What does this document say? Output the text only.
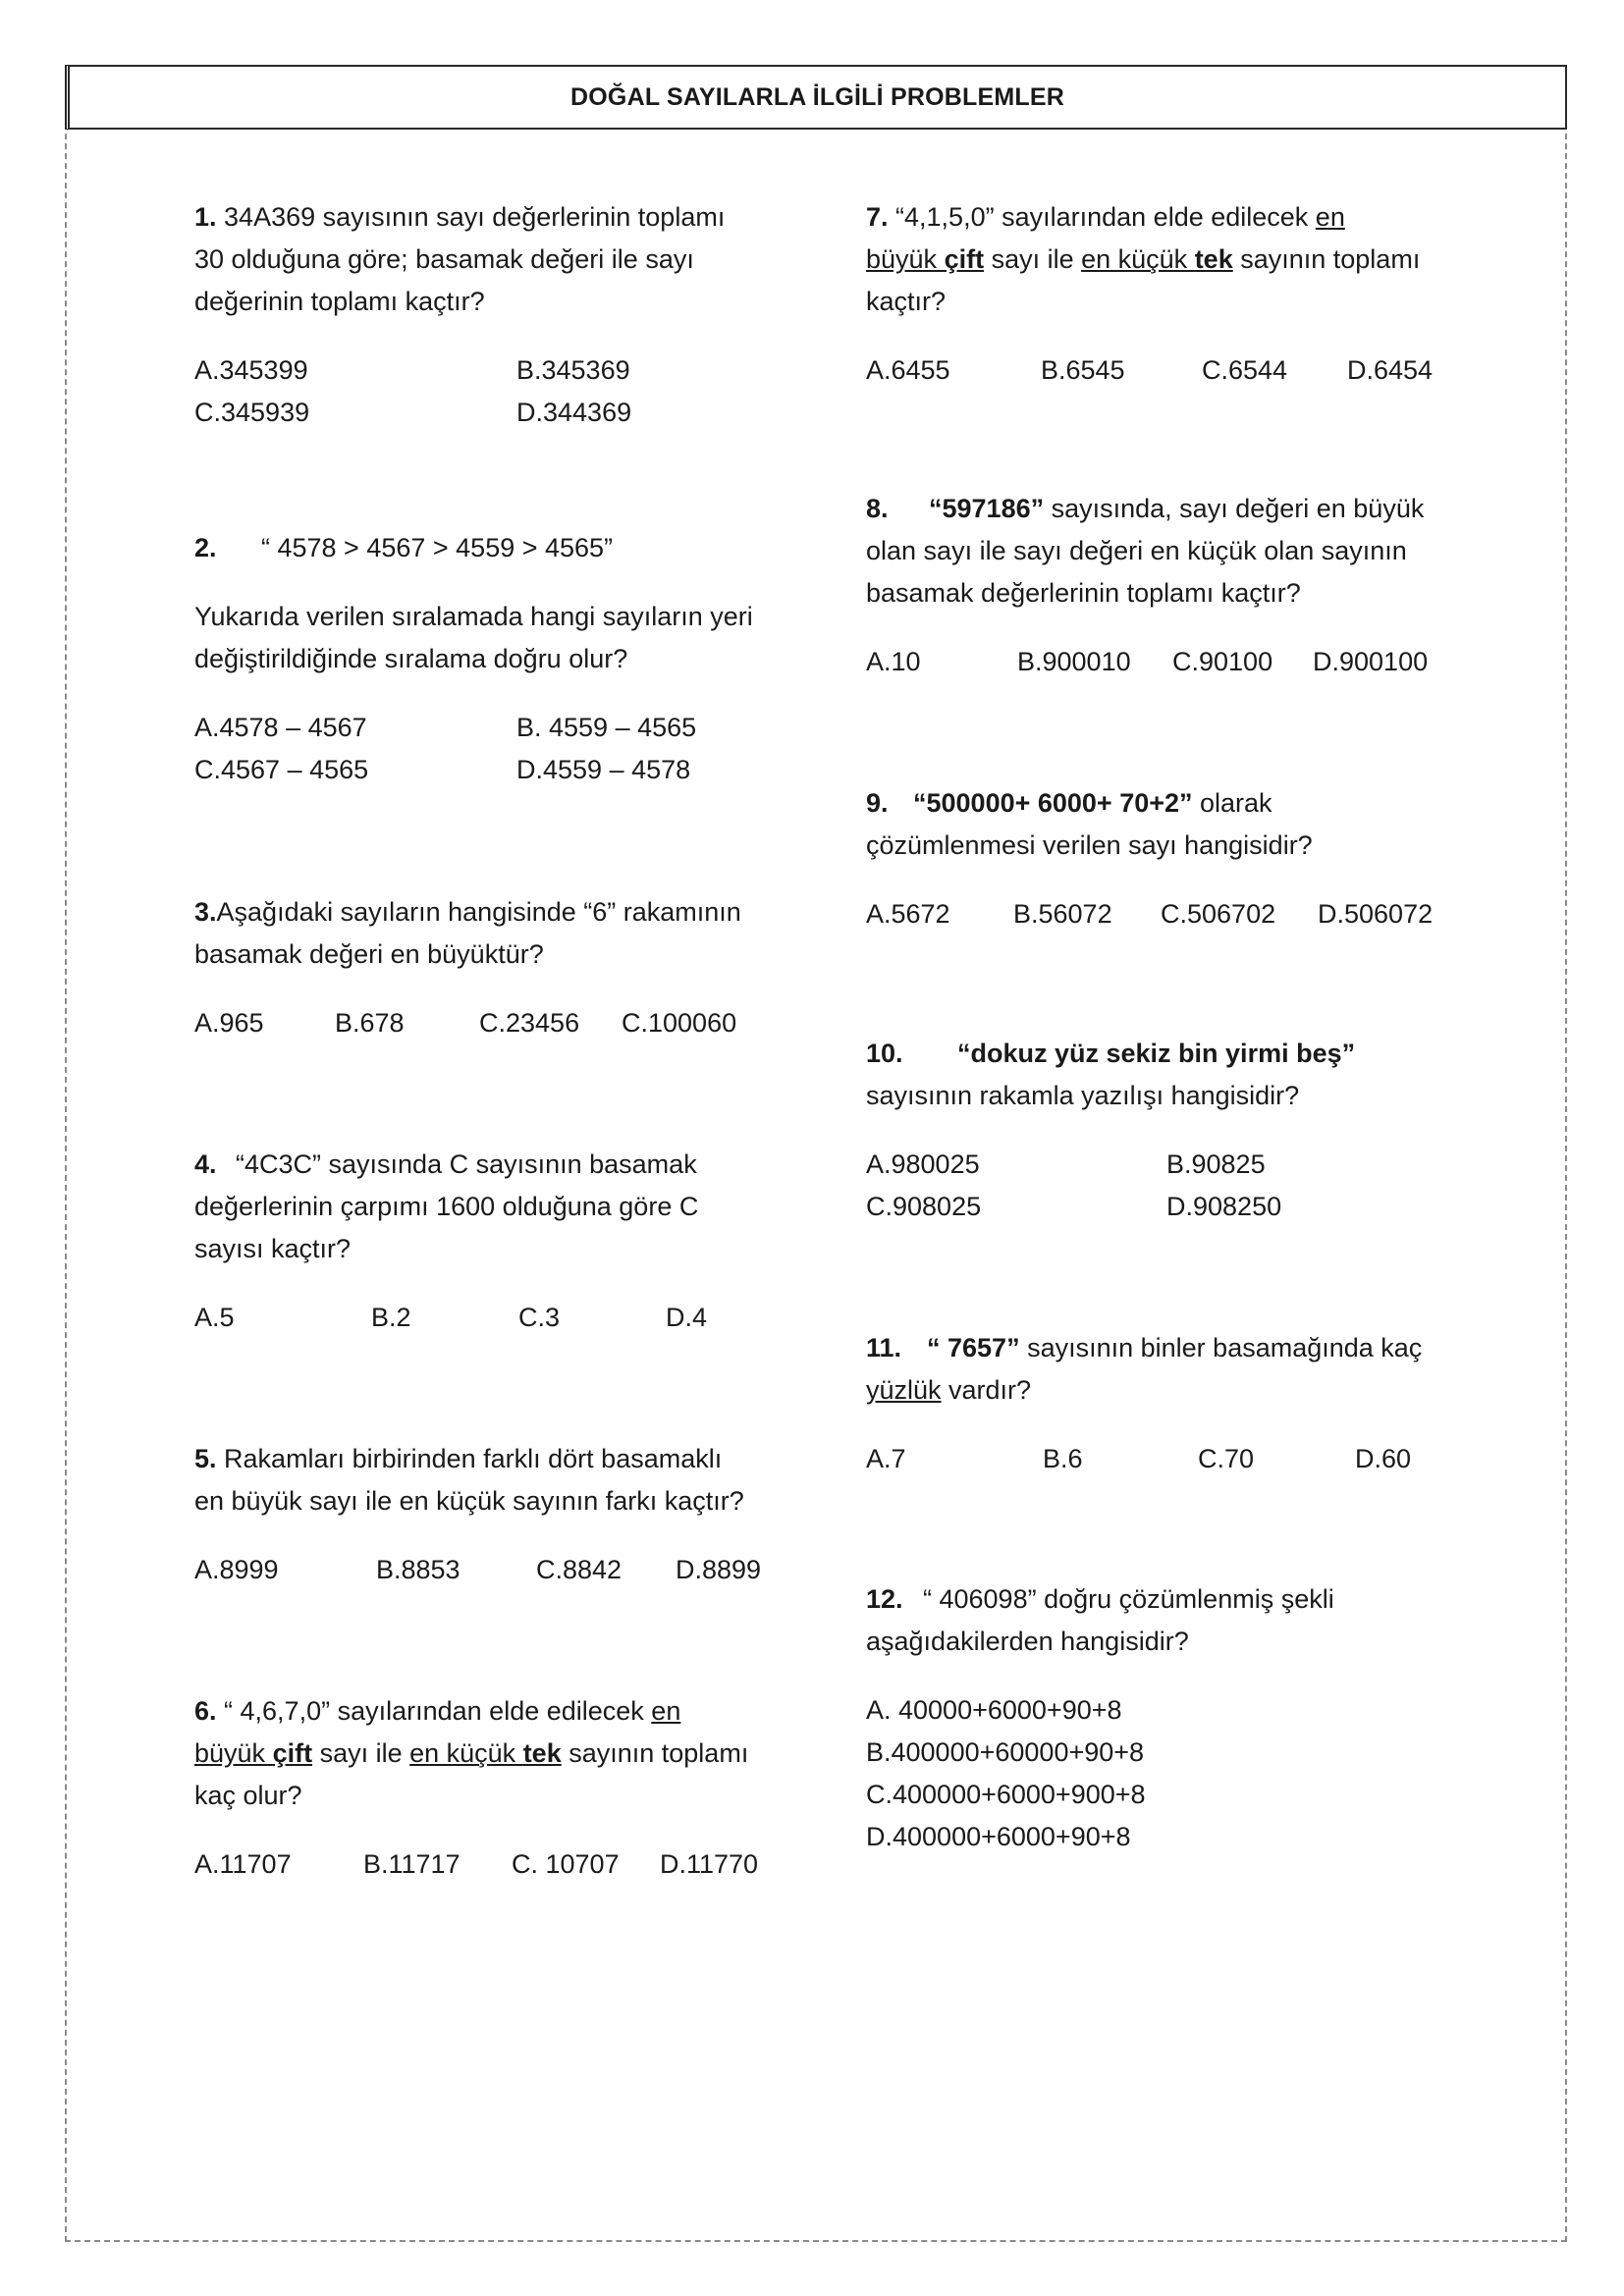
DOĞAL SAYILARLA İLGİLİ PROBLEMLER

1. 34A369 sayısının sayı değerlerinin toplamı

30 olduğuna göre; basamak değeri ile sayı

değerinin toplamı kaçtır?

A.345399	B.345369
C.345939	D.344369

2. “ 4578 > 4567 > 4559 > 4565”

Yukarıda verilen sıralamada hangi sayıların yeri

değiştirildiğinde sıralama doğru olur?

A.4578 – 4567	B. 4559 – 4565
C.4567 – 4565	D.4559 – 4578

3.Aşağıdaki sayıların hangisinde “6” rakamının

basamak değeri en büyüktür?

A.965	B.678	C.23456 C.100060

4. “4C3C” sayısında C sayısının basamak

değerlerinin çarpımı 1600 olduğuna göre C

sayısı kaçtır?

A.5	B.2	C.3	D.4

5. Rakamları birbirinden farklı dört basamaklı

en büyük sayı ile en küçük sayının farkı kaçtır?

A.8999	B.8853	C.8842 D.8899

6. “ 4,6,7,0” sayılarından elde edilecek en

büyük çift sayı ile en küçük tek sayının toplamı

kaç olur?

A.11707	B.11717 C. 10707 D.11770

7. “4,1,5,0” sayılarından elde edilecek en

büyük çift sayı ile en küçük tek sayının toplamı

kaçtır?

A.6455	B.6545	C.6544 D.6454

8. “597186” sayısında, sayı değeri en büyük

olan sayı ile sayı değeri en küçük olan sayının

basamak değerlerinin toplamı kaçtır?

A.10	B.900010 C.90100 D.900100

9. “500000+ 6000+ 70+2” olarak

çözümlenmesi verilen sayı hangisidir?

A.5672 B.56072 C.506702 D.506072

10. “dokuz yüz sekiz bin yirmi beş”

sayısının rakamla yazılışı hangisidir?

A.980025	B.90825
C.908025	D.908250

11. “ 7657” sayısının binler basamağında kaç

yüzlük vardır?

A.7	B.6	C.70	D.60

12. “ 406098” doğru çözümlenmiş şekli

aşağıdakilerden hangisidir?

A. 40000+6000+90+8

B.400000+60000+90+8

C.400000+6000+900+8

D.400000+6000+90+8
